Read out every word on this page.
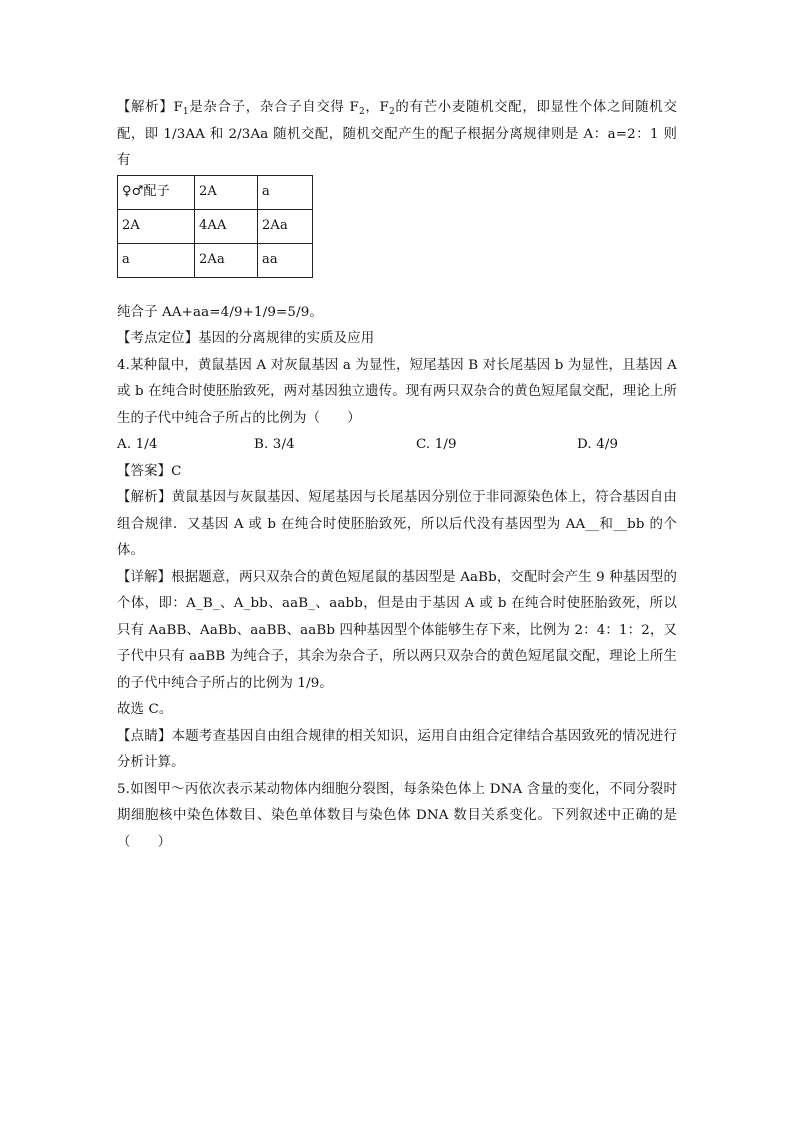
【解析】$F_1$是杂合子，杂合子自交得 $F_2$，$F_2$的有芒小麦随机交配，即显性个体之间随机交配，即 1/3AA 和 2/3Aa 随机交配，随机交配产生的配子根据分离规律则是 A：a=2：1 则有

♀♂配子	2A	a
2A	4AA	2Aa
a	2Aa	aa

纯合子 AA+aa=4/9+1/9=5/9。

【考点定位】基因的分离规律的实质及应用

4.某种鼠中，黄鼠基因 A 对灰鼠基因 a 为显性，短尾基因 B 对长尾基因 b 为显性，且基因 A 或 b 在纯合时使胚胎致死，两对基因独立遗传。现有两只双杂合的黄色短尾鼠交配，理论上所生的子代中纯合子所占的比例为（　　）

A. 1/4	B. 3/4	C. 1/9	D. 4/9

【答案】C

【解析】黄鼠基因与灰鼠基因、短尾基因与长尾基因分别位于非同源染色体上，符合基因自由组合规律．又基因 A 或 b 在纯合时使胚胎致死，所以后代没有基因型为 AA__和__bb 的个体。

【详解】根据题意，两只双杂合的黄色短尾鼠的基因型是 AaBb，交配时会产生 9 种基因型的个体，即：A_B_、A_bb、aaB_、aabb，但是由于基因 A 或 b 在纯合时使胚胎致死，所以只有 AaBB、AaBb、aaBB、aaBb 四种基因型个体能够生存下来，比例为 2：4：1：2，又子代中只有 aaBB 为纯合子，其余为杂合子，所以两只双杂合的黄色短尾鼠交配，理论上所生的子代中纯合子所占的比例为 1/9。

故选 C。

【点睛】本题考查基因自由组合规律的相关知识，运用自由组合定律结合基因致死的情况进行分析计算。

5.如图甲～丙依次表示某动物体内细胞分裂图，每条染色体上 DNA 含量的变化，不同分裂时期细胞核中染色体数目、染色单体数目与染色体 DNA 数目关系变化。下列叙述中正确的是（　　）
